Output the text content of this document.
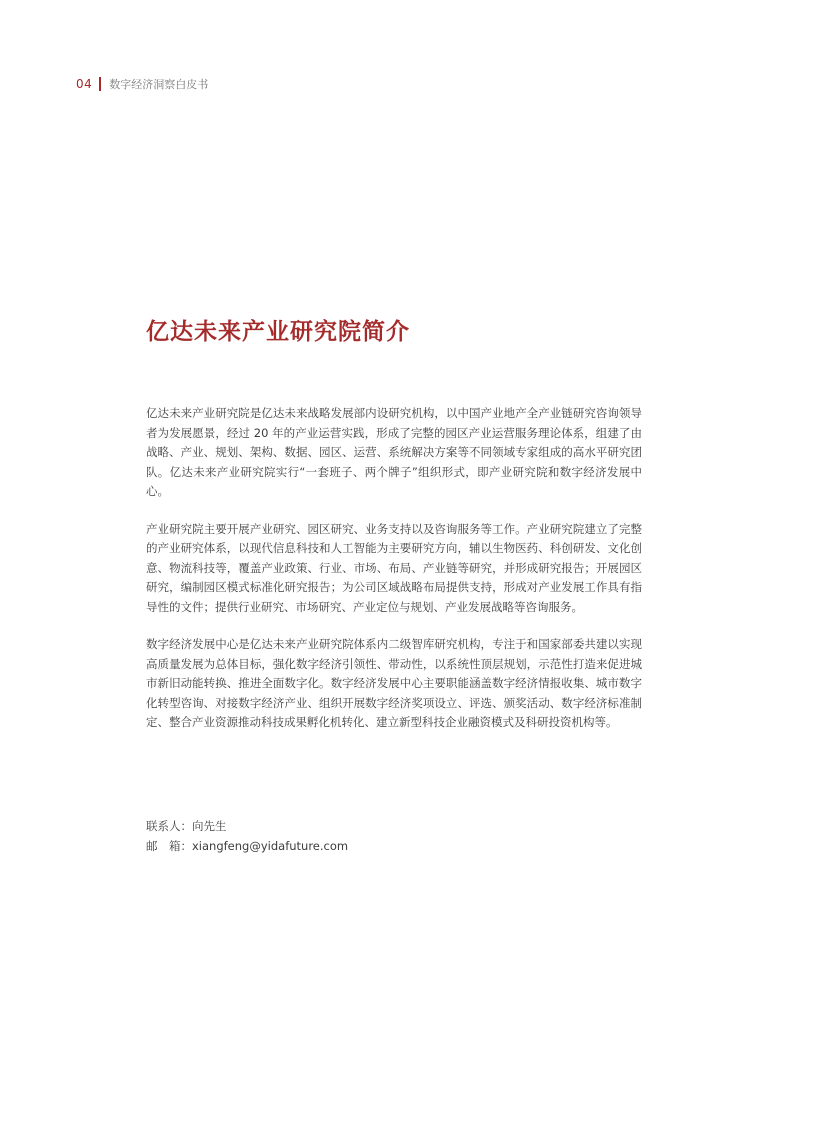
04 数字经济洞察白皮书
亿达未来产业研究院简介

亿达未来产业研究院是亿达未来战略发展部内设研究机构，以中国产业地产全产业链研究咨询领导者为发展愿景，经过 20 年的产业运营实践，形成了完整的园区产业运营服务理论体系，组建了由战略、产业、规划、架构、数据、园区、运营、系统解决方案等不同领域专家组成的高水平研究团队。亿达未来产业研究院实行“一套班子、两个牌子”组织形式，即产业研究院和数字经济发展中心。

产业研究院主要开展产业研究、园区研究、业务支持以及咨询服务等工作。产业研究院建立了完整的产业研究体系，以现代信息科技和人工智能为主要研究方向，辅以生物医药、科创研发、文化创意、物流科技等，覆盖产业政策、行业、市场、布局、产业链等研究，并形成研究报告；开展园区研究，编制园区模式标准化研究报告；为公司区域战略布局提供支持，形成对产业发展工作具有指导性的文件；提供行业研究、市场研究、产业定位与规划、产业发展战略等咨询服务。

数字经济发展中心是亿达未来产业研究院体系内二级智库研究机构，专注于和国家部委共建以实现高质量发展为总体目标，强化数字经济引领性、带动性，以系统性顶层规划，示范性打造来促进城市新旧动能转换、推进全面数字化。数字经济发展中心主要职能涵盖数字经济情报收集、城市数字化转型咨询、对接数字经济产业、组织开展数字经济奖项设立、评选、颁奖活动、数字经济标准制定、整合产业资源推动科技成果孵化机转化、建立新型科技企业融资模式及科研投资机构等。

联系人： 向先生
邮　箱： xiangfeng@yidafuture.com
